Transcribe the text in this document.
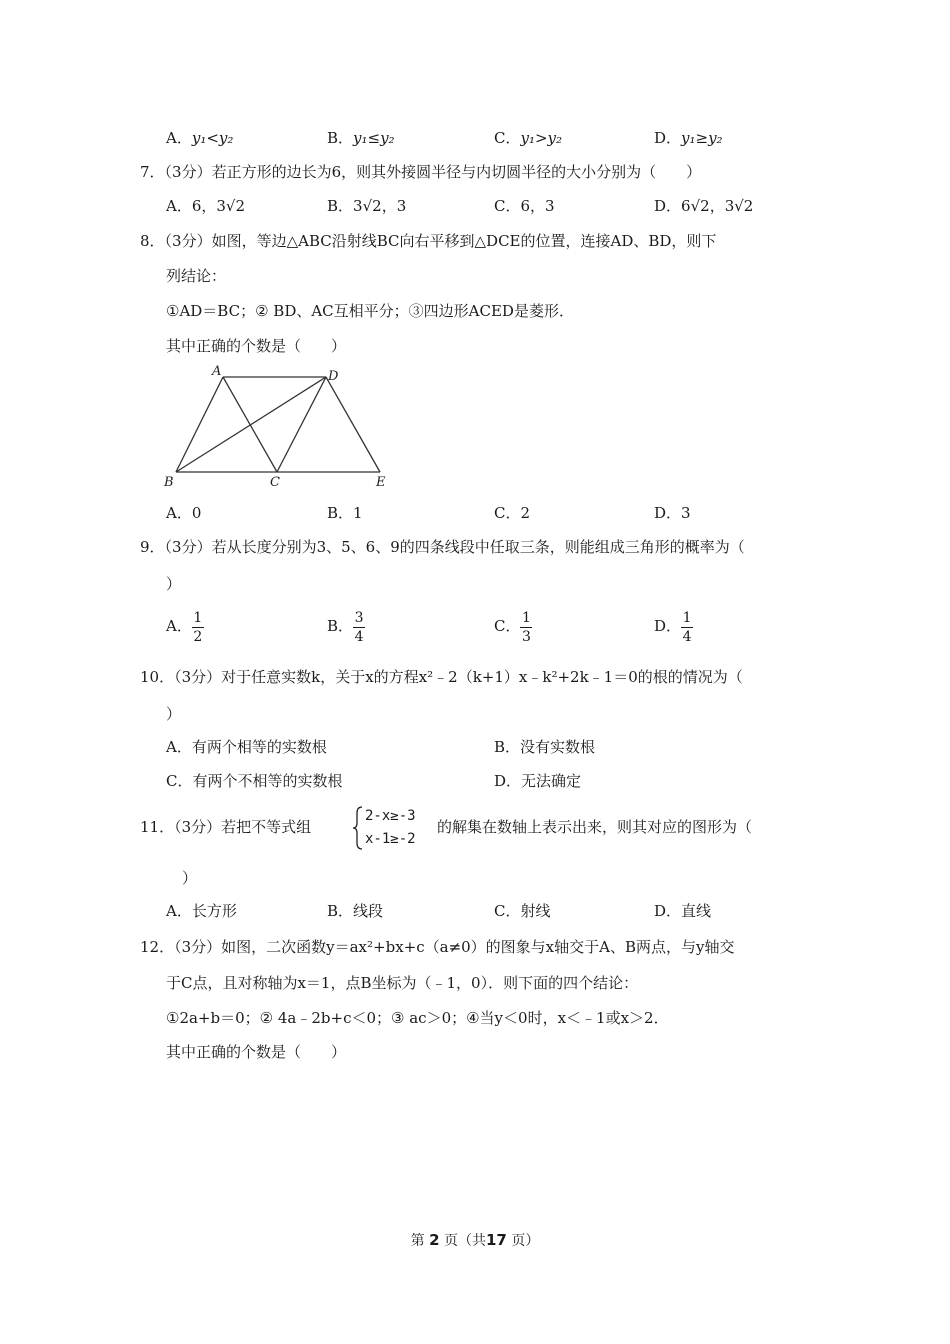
A．y₁<y₂	B．y₁≤y₂	C．y₁>y₂	D．y₁≥y₂
7．（3分）若正方形的边长为6，则其外接圆半径与内切圆半径的大小分别为（　　）
A．6，3√2	B．3√2，3	C．6，3	D．6√2，3√2
8．（3分）如图，等边△ABC沿射线BC向右平移到△DCE的位置，连接AD、BD，则下
列结论：
①AD＝BC；② BD、AC互相平分；③四边形ACED是菱形．
其中正确的个数是（　　）
A	D
B	C	E
A．0	B．1	C．2	D．3
9．（3分）若从长度分别为3、5、6、9的四条线段中任取三条，则能组成三角形的概率为（
）
A． $\frac{1}{2}$	B． $\frac{3}{4}$	C． $\frac{1}{3}$	D． $\frac{1}{4}$
10．（3分）对于任意实数k，关于x的方程x²﹣2（k+1）x﹣k²+2k﹣1＝0的根的情况为（
）
A．有两个相等的实数根	B．没有实数根
C．有两个不相等的实数根	D．无法确定
11．（3分）若把不等式组
2-x≥-3
x-1≥-2
的解集在数轴上表示出来，则其对应的图形为（
）
A．长方形	B．线段	C．射线	D．直线
12．（3分）如图，二次函数y＝ax²+bx+c（a≠0）的图象与x轴交于A、B两点，与y轴交
于C点，且对称轴为x＝1，点B坐标为（﹣1，0）．则下面的四个结论：
①2a+b＝0；② 4a﹣2b+c＜0；③ ac＞0；④当y＜0时，x＜﹣1或x＞2．
其中正确的个数是（　　）
第 2 页（共17 页）
